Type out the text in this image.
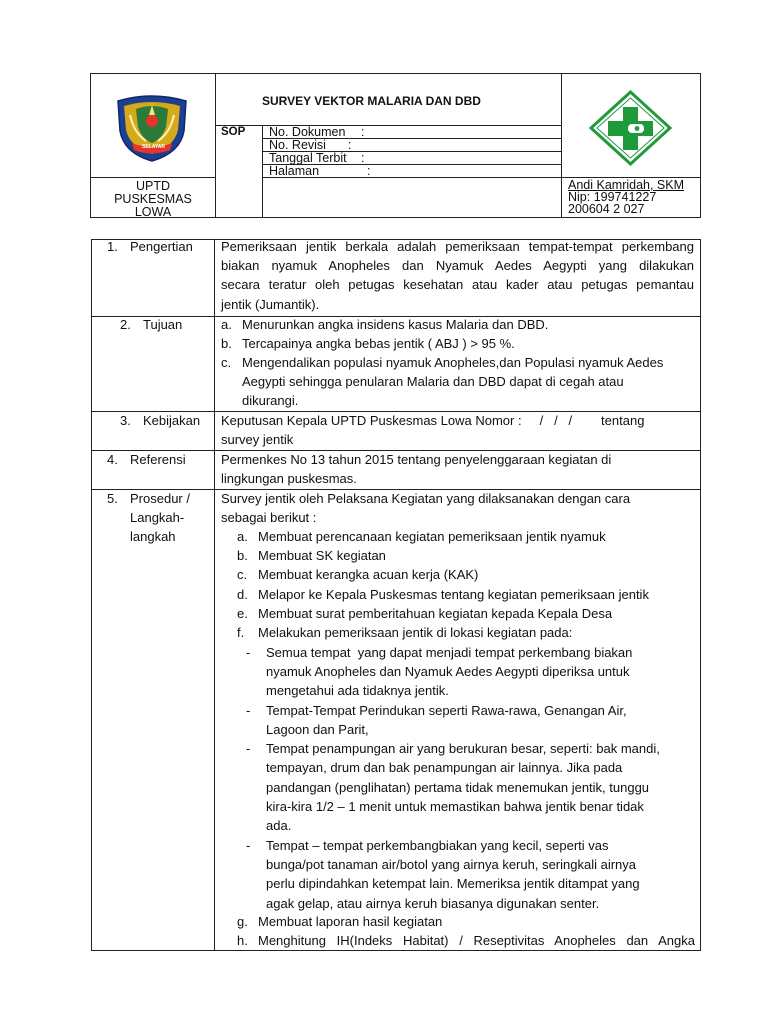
SELAYAR
UPTD
PUSKESMAS
LOWA
SURVEY VEKTOR MALARIA DAN DBD
SOP No. Dokumen :
No. Revisi :
Tanggal Terbit :
Halaman	:
Andi Kamridah, SKM
Nip: 199741227
200604 2 027
1. Pengertian Pemeriksaan jentik berkala adalah pemeriksaan tempat-tempat perkembang
biakan nyamuk Anopheles dan Nyamuk Aedes Aegypti yang dilakukan
secara teratur oleh petugas kesehatan atau kader atau petugas pemantau
jentik (Jumantik).
2. Tujuan	a. Menurunkan angka insidens kasus Malaria dan DBD.
b. Tercapainya angka bebas jentik ( ABJ ) > 95 %.
c. Mengendalikan populasi nyamuk Anopheles,dan Populasi nyamuk Aedes
Aegypti sehingga penularan Malaria dan DBD dapat di cegah atau
dikurangi.
3. Kebijakan Keputusan Kepala UPTD Puskesmas Lowa Nomor :     /   /   /        tentang
survey jentik
4. Referensi	Permenkes No 13 tahun 2015 tentang penyelenggaraan kegiatan di
lingkungan puskesmas.
5. Prosedur /
Langkah-
langkah
Survey jentik oleh Pelaksana Kegiatan yang dilaksanakan dengan cara
sebagai berikut :
a. Membuat perencanaan kegiatan pemeriksaan jentik nyamuk
b. Membuat SK kegiatan
c. Membuat kerangka acuan kerja (KAK)
d. Melapor ke Kepala Puskesmas tentang kegiatan pemeriksaan jentik
e. Membuat surat pemberitahuan kegiatan kepada Kepala Desa
f. Melakukan pemeriksaan jentik di lokasi kegiatan pada:
- Semua tempat  yang dapat menjadi tempat perkembang biakan
nyamuk Anopheles dan Nyamuk Aedes Aegypti diperiksa untuk
mengetahui ada tidaknya jentik.
- Tempat-Tempat Perindukan seperti Rawa-rawa, Genangan Air,
Lagoon dan Parit,
- Tempat penampungan air yang berukuran besar, seperti: bak mandi,
tempayan, drum dan bak penampungan air lainnya. Jika pada
pandangan (penglihatan) pertama tidak menemukan jentik, tunggu
kira-kira 1/2 – 1 menit untuk memastikan bahwa jentik benar tidak
ada.
- Tempat – tempat perkembangbiakan yang kecil, seperti vas
bunga/pot tanaman air/botol yang airnya keruh, seringkali airnya
perlu dipindahkan ketempat lain. Memeriksa jentik ditampat yang
agak gelap, atau airnya keruh biasanya digunakan senter.
g. Membuat laporan hasil kegiatan
h. Menghitung IH(Indeks Habitat) / Reseptivitas Anopheles dan Angka
